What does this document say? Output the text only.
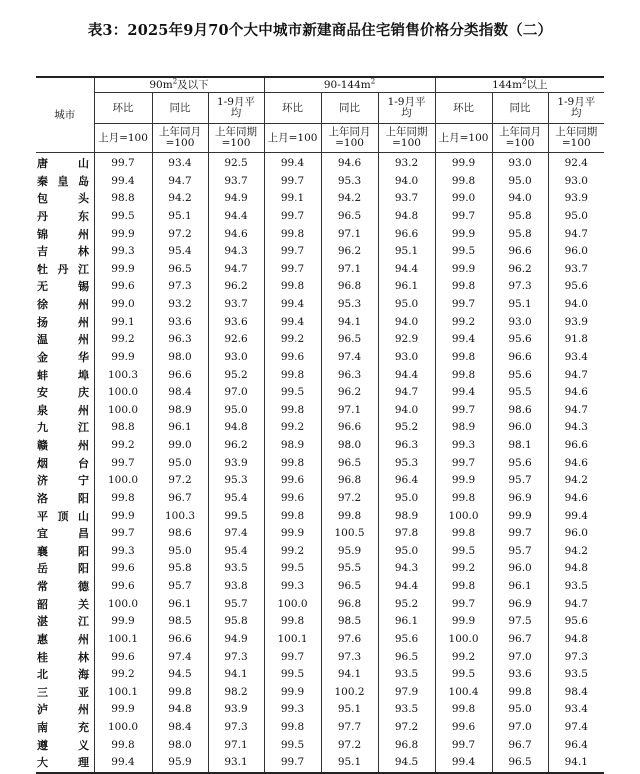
表3：2025年9月70个大中城市新建商品住宅销售价格分类指数（二）
城市	$90m^2$及以下			$90-144m^2$			$144m^2$以上		
	环比	同比	1-9月平均	环比	同比	1-9月平均	环比	同比	1-9月平均
	上月=100	上年同月=100	上年同期=100	上月=100	上年同月=100	上年同期=100	上月=100	上年同月=100	上年同期=100

唐山	99.7	93.4	92.5	99.4	94.6	93.2	99.9	93.0	92.4

秦皇岛	99.4	94.7	93.7	99.7	95.3	94.0	99.8	95.0	93.0

包头	98.8	94.2	94.9	99.1	94.2	93.7	99.0	94.0	93.9

丹东	99.5	95.1	94.4	99.7	96.5	94.8	99.7	95.8	95.0

锦州	99.9	97.2	94.6	99.8	97.1	96.6	99.9	95.8	94.7

吉林	99.3	95.4	94.3	99.7	96.2	95.1	99.5	96.6	96.0

牡丹江	99.9	96.5	94.7	99.7	97.1	94.4	99.9	96.2	93.7

无锡	99.6	97.3	96.2	99.8	96.8	96.1	99.8	97.3	95.6

徐州	99.0	93.2	93.7	99.4	95.3	95.0	99.7	95.1	94.0

扬州	99.1	93.6	93.6	99.4	94.1	94.0	99.2	93.0	93.9

温州	99.2	96.3	92.6	99.2	96.5	92.9	99.4	95.6	91.8

金华	99.9	98.0	93.0	99.6	97.4	93.0	99.8	96.6	93.4

蚌埠	100.3	96.6	95.2	99.8	96.3	94.4	99.8	95.6	94.7

安庆	100.0	98.4	97.0	99.5	96.2	94.7	99.4	95.5	94.6

泉州	100.0	98.9	95.0	99.8	97.1	94.0	99.7	98.6	94.7

九江	98.8	96.1	94.8	99.2	96.6	95.2	98.9	96.0	94.3

赣州	99.2	99.0	96.2	98.9	98.0	96.3	99.3	98.1	96.6

烟台	99.7	95.0	93.9	99.8	96.5	95.3	99.7	95.6	94.6

济宁	100.0	97.2	95.3	99.6	96.8	96.4	99.9	95.7	94.2

洛阳	99.8	96.7	95.4	99.6	97.2	95.0	99.8	96.9	94.6

平顶山	99.9	100.3	99.5	99.8	99.8	98.9	100.0	99.9	99.4

宜昌	99.7	98.6	97.4	99.9	100.5	97.8	99.8	99.7	96.0

襄阳	99.3	95.0	95.4	99.2	95.9	95.0	99.5	95.7	94.2

岳阳	99.6	95.8	93.5	99.5	95.5	94.3	99.2	96.0	94.8

常德	99.6	95.7	93.8	99.3	96.5	94.4	99.8	96.1	93.5

韶关	100.0	96.1	95.7	100.0	96.8	95.2	99.7	96.9	94.7

湛江	99.9	98.5	95.8	99.8	98.5	96.1	99.9	97.5	95.6

惠州	100.1	96.6	94.9	100.1	97.6	95.6	100.0	96.7	94.8

桂林	99.6	97.4	97.3	99.7	97.3	96.5	99.2	97.0	97.3

北海	99.2	94.5	94.1	99.5	94.1	93.5	99.5	93.6	93.5

三亚	100.1	99.8	98.2	99.9	100.2	97.9	100.4	99.8	98.4

泸州	99.9	94.8	93.9	99.3	95.1	93.5	99.8	95.0	93.4

南充	100.0	98.4	97.3	99.8	97.7	97.2	99.6	97.0	97.4

遵义	99.8	98.0	97.1	99.5	97.2	96.8	99.7	96.7	96.4

大理	99.4	95.9	93.1	99.7	95.1	94.5	99.4	96.5	94.1
